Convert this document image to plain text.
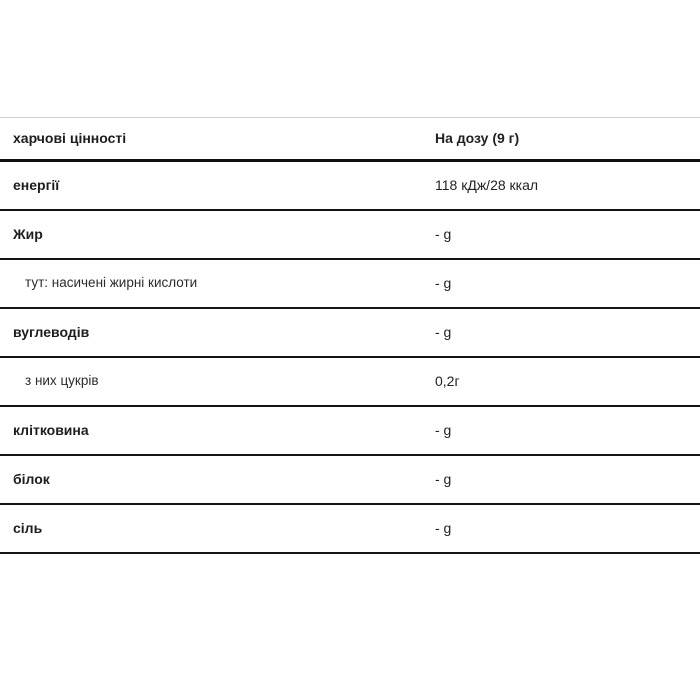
харчові цінності	На дозу (9 г)
енергії	118 кДж/28 ккал
Жир	- g
тут: насичені жирні кислоти	- g
вуглеводів	- g
з них цукрів	0,2г
клітковина	- g
білок	- g
сіль	- g
